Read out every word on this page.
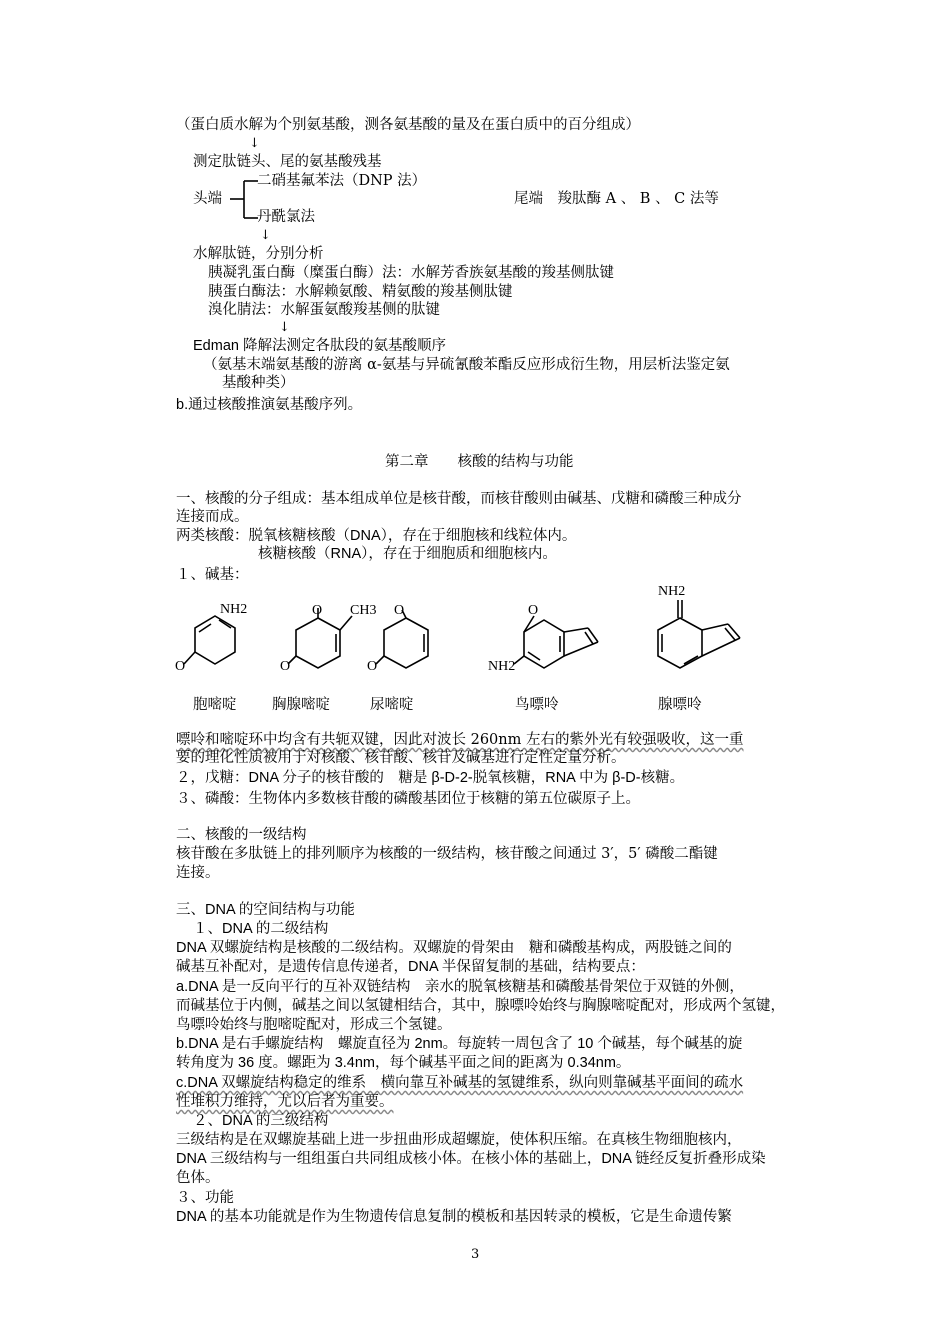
（蛋白质水解为个别氨基酸，测各氨基酸的量及在蛋白质中的百分组成）
↓
测定肽链头、尾的氨基酸残基
二硝基氟苯法（DNP 法）
头端	尾端　羧肽酶 A 、 B 、 C 法等
丹酰氯法
↓
水解肽链，分别分析
胰凝乳蛋白酶（糜蛋白酶）法：水解芳香族氨基酸的羧基侧肽键
胰蛋白酶法：水解赖氨酸、精氨酸的羧基侧肽键
溴化腈法：水解蛋氨酸羧基侧的肽键
↓
Edman 降解法测定各肽段的氨基酸顺序
（氨基末端氨基酸的游离 α-氨基与异硫氰酸苯酯反应形成衍生物，用层析法鉴定氨
基酸种类）
b.通过核酸推演氨基酸序列。
第二章　　核酸的结构与功能
一、核酸的分子组成：基本组成单位是核苷酸，而核苷酸则由碱基、戊糖和磷酸三种成分
连接而成。
两类核酸：脱氧核糖核酸（DNA），存在于细胞核和线粒体内。
核糖核酸（RNA），存在于细胞质和细胞核内。
１、碱基：
NH2
O
O CH3
O
O
O
O
NH2
NH2
胞嘧啶 胸腺嘧啶	尿嘧啶	鸟嘌呤	腺嘌呤
嘌呤和嘧啶环中均含有共轭双键，因此对波长 260nm 左右的紫外光有较强吸收，这一重
要的理化性质被用于对核酸、核苷酸、核苷及碱基进行定性定量分析。
２，戊糖：DNA 分子的核苷酸的　糖是 β-D-2-脱氧核糖，RNA 中为 β-D-核糖。
３、磷酸：生物体内多数核苷酸的磷酸基团位于核糖的第五位碳原子上。
二、核酸的一级结构
核苷酸在多肽链上的排列顺序为核酸的一级结构，核苷酸之间通过 3′，5′ 磷酸二酯键
连接。
三、DNA 的空间结构与功能
１、DNA 的二级结构
DNA 双螺旋结构是核酸的二级结构。双螺旋的骨架由　糖和磷酸基构成，两股链之间的
碱基互补配对，是遗传信息传递者，DNA 半保留复制的基础，结构要点：
a.DNA 是一反向平行的互补双链结构　亲水的脱氧核糖基和磷酸基骨架位于双链的外侧，
而碱基位于内侧，碱基之间以氢键相结合，其中，腺嘌呤始终与胸腺嘧啶配对，形成两个氢键，
鸟嘌呤始终与胞嘧啶配对，形成三个氢键。
b.DNA 是右手螺旋结构　螺旋直径为 2nm。每旋转一周包含了 10 个碱基，每个碱基的旋
转角度为 36 度。螺距为 3.4nm，每个碱基平面之间的距离为 0.34nm。
c.DNA 双螺旋结构稳定的维系　横向靠互补碱基的氢键维系，纵向则靠碱基平面间的疏水
性堆积力维持，尤以后者为重要。
２、DNA 的三级结构
三级结构是在双螺旋基础上进一步扭曲形成超螺旋，使体积压缩。在真核生物细胞核内，
DNA 三级结构与一组组蛋白共同组成核小体。在核小体的基础上，DNA 链经反复折叠形成染
色体。
３、功能
DNA 的基本功能就是作为生物遗传信息复制的模板和基因转录的模板，它是生命遗传繁
3
